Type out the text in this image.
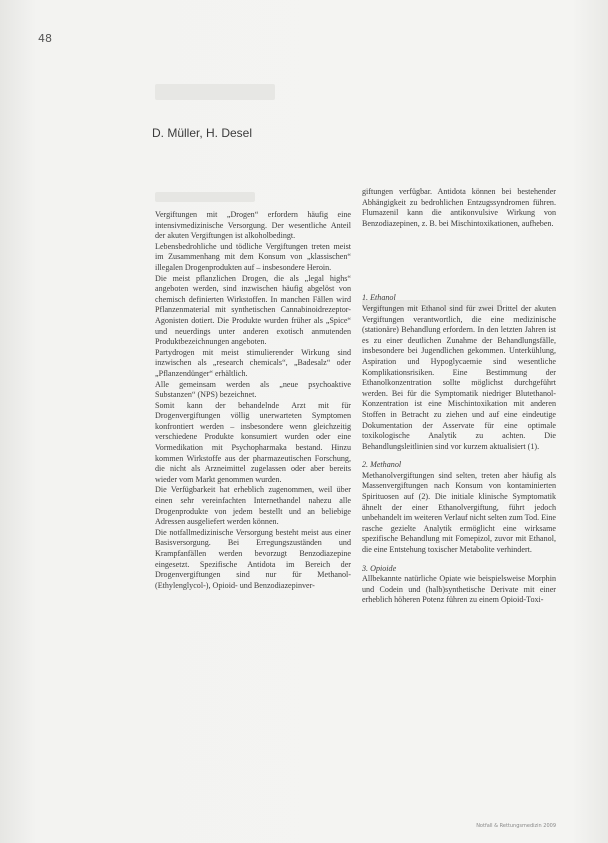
48
D. Müller, H. Desel

Vergiftungen mit „Drogen“ erfordern häufig eine intensivmedizinische Versorgung. Der wesentliche Anteil der akuten Vergiftungen ist alkoholbedingt.

Lebensbedrohliche und tödliche Vergiftungen treten meist im Zusammenhang mit dem Konsum von „klassischen“ illegalen Drogenprodukten auf – insbesondere Heroin.

Die meist pflanzlichen Drogen, die als „legal highs“ angeboten werden, sind inzwischen häufig abgelöst von chemisch definierten Wirkstoffen. In manchen Fällen wird Pflanzenmaterial mit synthetischen Cannabinoidrezeptor-Agonisten dotiert. Die Produkte wurden früher als „Spice“ und neuerdings unter anderen exotisch anmutenden Produktbezeichnungen angeboten.

Partydrogen mit meist stimulierender Wirkung sind inzwischen als „research chemicals“, „Badesalz“ oder „Pflanzendünger“ erhältlich.

Alle gemeinsam werden als „neue psychoaktive Substanzen“ (NPS) bezeichnet.

Somit kann der behandelnde Arzt mit für Drogenvergiftungen völlig unerwarteten Symptomen konfrontiert werden – insbesondere wenn gleichzeitig verschiedene Produkte konsumiert wurden oder eine Vormedikation mit Psychopharmaka bestand. Hinzu kommen Wirkstoffe aus der pharmazeutischen Forschung, die nicht als Arzneimittel zugelassen oder aber bereits wieder vom Markt genommen wurden.

Die Verfügbarkeit hat erheblich zugenommen, weil über einen sehr vereinfachten Internethandel nahezu alle Drogenprodukte von jedem bestellt und an beliebige Adressen ausgeliefert werden können.

Die notfallmedizinische Versorgung besteht meist aus einer Basisversorgung. Bei Erregungszuständen und Krampfanfällen werden bevorzugt Benzodiazepine eingesetzt. Spezifische Antidota im Bereich der Drogenvergiftungen sind nur für Methanol-(Ethylenglycol-), Opioid- und Benzodiazepinver-

giftungen verfügbar. Antidota können bei bestehender Abhängigkeit zu bedrohlichen Entzugssyndromen führen. Flumazenil kann die antikonvulsive Wirkung von Benzodiazepinen, z. B. bei Mischintoxikationen, aufheben.

1. Ethanol

Vergiftungen mit Ethanol sind für zwei Drittel der akuten Vergiftungen verantwortlich, die eine medizinische (stationäre) Behandlung erfordern. In den letzten Jahren ist es zu einer deutlichen Zunahme der Behandlungsfälle, insbesondere bei Jugendlichen gekommen. Unterkühlung, Aspiration und Hypoglycaemie sind wesentliche Komplikationsrisiken. Eine Bestimmung der Ethanolkonzentration sollte möglichst durchgeführt werden. Bei für die Symptomatik niedriger Blutethanol-Konzentration ist eine Mischintoxikation mit anderen Stoffen in Betracht zu ziehen und auf eine eindeutige Dokumentation der Asservate für eine optimale toxikologische Analytik zu achten. Die Behandlungsleitlinien sind vor kurzem aktualisiert (1).

2. Methanol

Methanolvergiftungen sind selten, treten aber häufig als Massenvergiftungen nach Konsum von kontaminierten Spirituosen auf (2). Die initiale klinische Symptomatik ähnelt der einer Ethanolvergiftung, führt jedoch unbehandelt im weiteren Verlauf nicht selten zum Tod. Eine rasche gezielte Analytik ermöglicht eine wirksame spezifische Behandlung mit Fomepizol, zuvor mit Ethanol, die eine Entstehung toxischer Metabolite verhindert.

3. Opioide

Allbekannte natürliche Opiate wie beispielsweise Morphin und Codein und (halb)synthetische Derivate mit einer erheblich höheren Potenz führen zu einem Opioid-Toxi-

Notfall & Rettungsmedizin 2009
